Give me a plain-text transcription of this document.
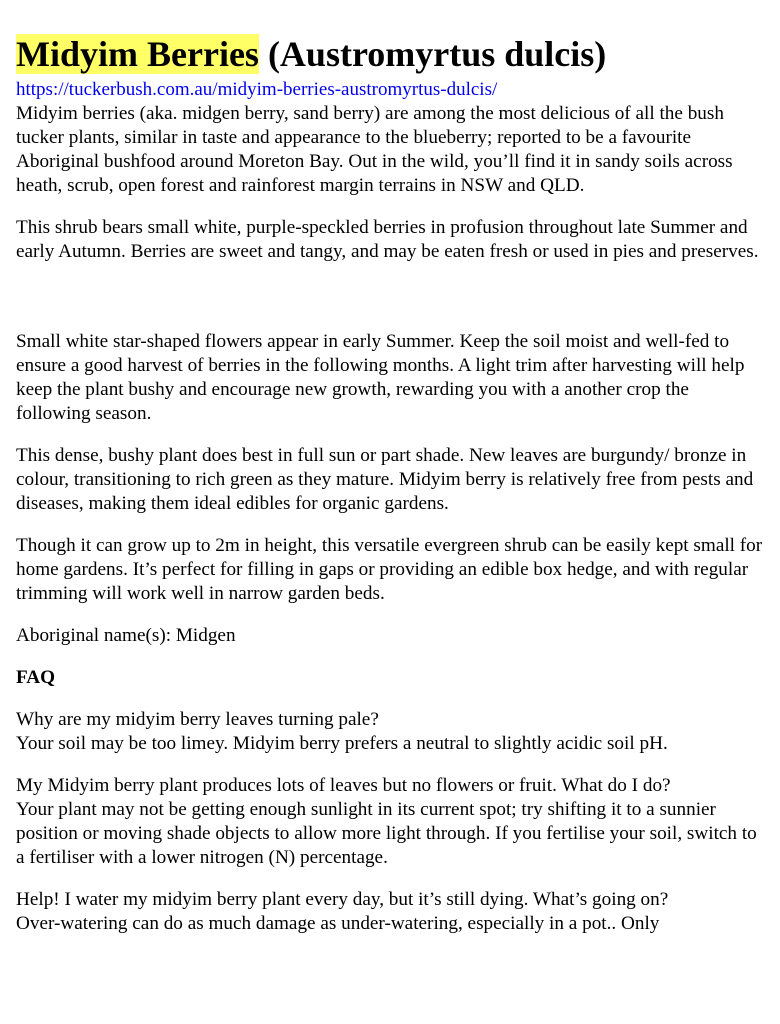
Midyim Berries (Austromyrtus dulcis)
https://tuckerbush.com.au/midyim-berries-austromyrtus-dulcis/

Midyim berries (aka. midgen berry, sand berry) are among the most delicious of all the bush tucker plants, similar in taste and appearance to the blueberry; reported to be a favourite Aboriginal bushfood around Moreton Bay. Out in the wild, you’ll find it in sandy soils across heath, scrub, open forest and rainforest margin terrains in NSW and QLD.

This shrub bears small white, purple-speckled berries in profusion throughout late Summer and early Autumn. Berries are sweet and tangy, and may be eaten fresh or used in pies and preserves.

Small white star-shaped flowers appear in early Summer. Keep the soil moist and well-fed to ensure a good harvest of berries in the following months. A light trim after harvesting will help keep the plant bushy and encourage new growth, rewarding you with a another crop the following season.

This dense, bushy plant does best in full sun or part shade. New leaves are burgundy/ bronze in colour, transitioning to rich green as they mature. Midyim berry is relatively free from pests and diseases, making them ideal edibles for organic gardens.

Though it can grow up to 2m in height, this versatile evergreen shrub can be easily kept small for home gardens. It’s perfect for filling in gaps or providing an edible box hedge, and with regular trimming will work well in narrow garden beds.

Aboriginal name(s): Midgen

FAQ

Why are my midyim berry leaves turning pale?
Your soil may be too limey. Midyim berry prefers a neutral to slightly acidic soil pH.

My Midyim berry plant produces lots of leaves but no flowers or fruit. What do I do?
Your plant may not be getting enough sunlight in its current spot; try shifting it to a sunnier position or moving shade objects to allow more light through. If you fertilise your soil, switch to a fertiliser with a lower nitrogen (N) percentage.

Help! I water my midyim berry plant every day, but it’s still dying. What’s going on?
Over-watering can do as much damage as under-watering, especially in a pot.. Only
